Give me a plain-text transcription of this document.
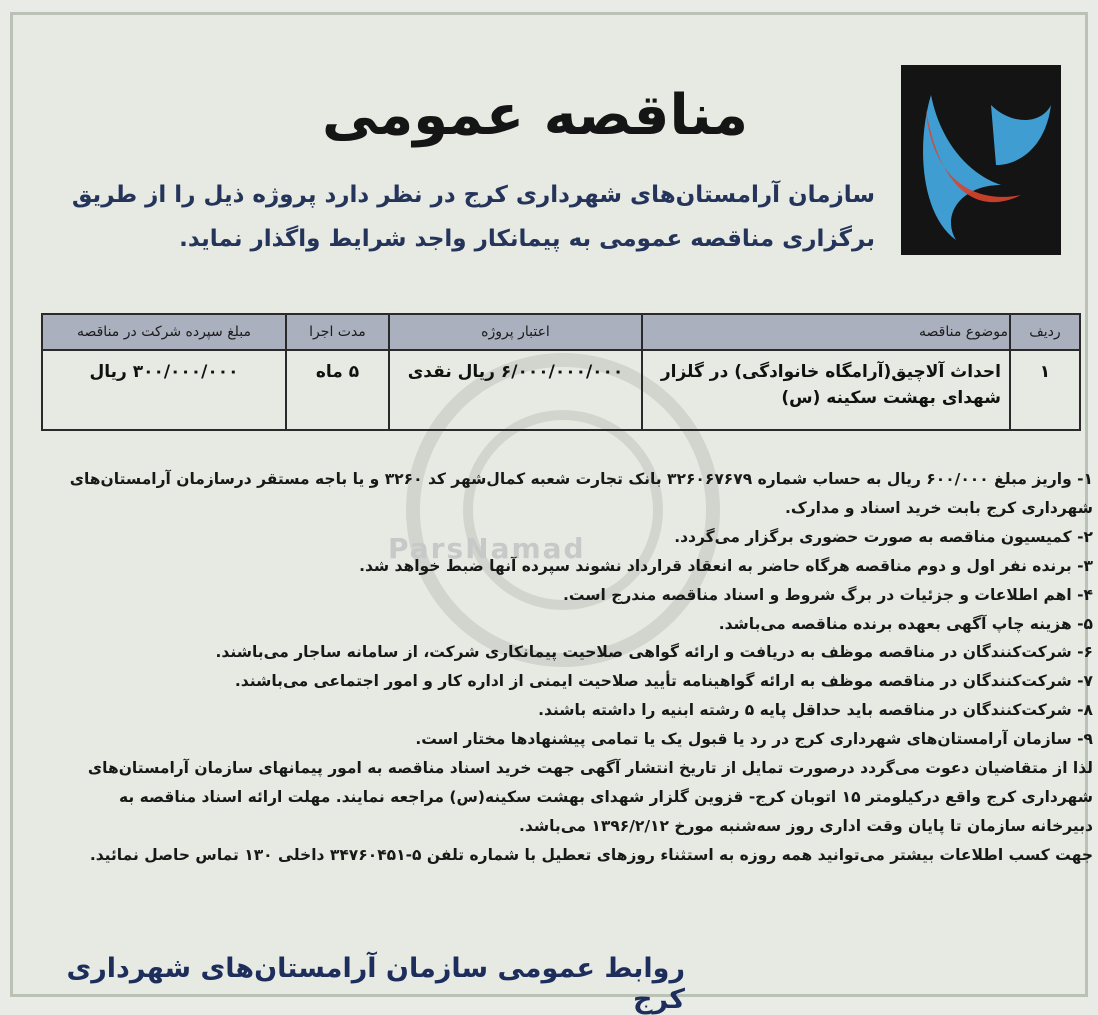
مناقصه عمومی
سازمان آرامستان‌های شهرداری کرج در نظر دارد پروژه ذیل را از طریق برگزاری مناقصه عمومی به پیمانکار واجد شرایط واگذار نماید.
ParsNamad
ردیف	موضوع مناقصه	اعتبار پروژه	مدت اجرا	مبلغ سپرده شرکت در مناقصه
۱	احداث آلاچیق(آرامگاه خانوادگی) در گلزار شهدای بهشت سکینه (س)	۶/۰۰۰/۰۰۰/۰۰۰ ریال نقدی	۵ ماه	۳۰۰/۰۰۰/۰۰۰ ریال

۱- واریز مبلغ ۶۰۰/۰۰۰ ریال به حساب شماره ۳۲۶۰۶۷۶۷۹ بانک تجارت شعبه کمال‌شهر کد ۳۲۶۰ و یا باجه مستقر درسازمان آرامستان‌های شهرداری کرج بابت خرید اسناد و مدارک.

۲- کمیسیون مناقصه به صورت حضوری برگزار می‌گردد.

۳- برنده نفر اول و دوم مناقصه هرگاه حاضر به انعقاد قرارداد نشوند سپرده آنها ضبط خواهد شد.

۴- اهم اطلاعات و جزئیات در برگ شروط و اسناد مناقصه مندرج است.

۵- هزینه چاپ آگهی بعهده برنده مناقصه می‌باشد.

۶- شرکت‌کنندگان در مناقصه موظف به دریافت و ارائه گواهی صلاحیت پیمانکاری شرکت، از سامانه ساجار می‌باشند.

۷- شرکت‌کنندگان در مناقصه موظف به ارائه گواهینامه تأیید صلاحیت ایمنی از اداره کار و امور اجتماعی می‌باشند.

۸- شرکت‌کنندگان در مناقصه باید حداقل پایه ۵ رشته ابنیه را داشته باشند.

۹- سازمان آرامستان‌های شهرداری کرج در رد یا قبول یک یا تمامی پیشنهادها مختار است.

لذا از متقاضیان دعوت می‌گردد درصورت تمایل از تاریخ انتشار آگهی جهت خرید اسناد مناقصه به امور پیمانهای سازمان آرامستان‌های شهرداری کرج واقع درکیلومتر ۱۵ اتوبان کرج- قزوین گلزار شهدای بهشت سکینه(س) مراجعه نمایند. مهلت ارائه اسناد مناقصه به دبیرخانه سازمان تا پایان وقت اداری روز سه‌شنبه مورخ ۱۳۹۶/۲/۱۲ می‌باشد.

جهت کسب اطلاعات بیشتر می‌توانید همه روزه به استثناء روزهای تعطیل با شماره تلفن ۵-۳۴۷۶۰۴۵۱ داخلی ۱۳۰ تماس حاصل نمائید.

روابط عمومی سازمان آرامستان‌های شهرداری کرج
